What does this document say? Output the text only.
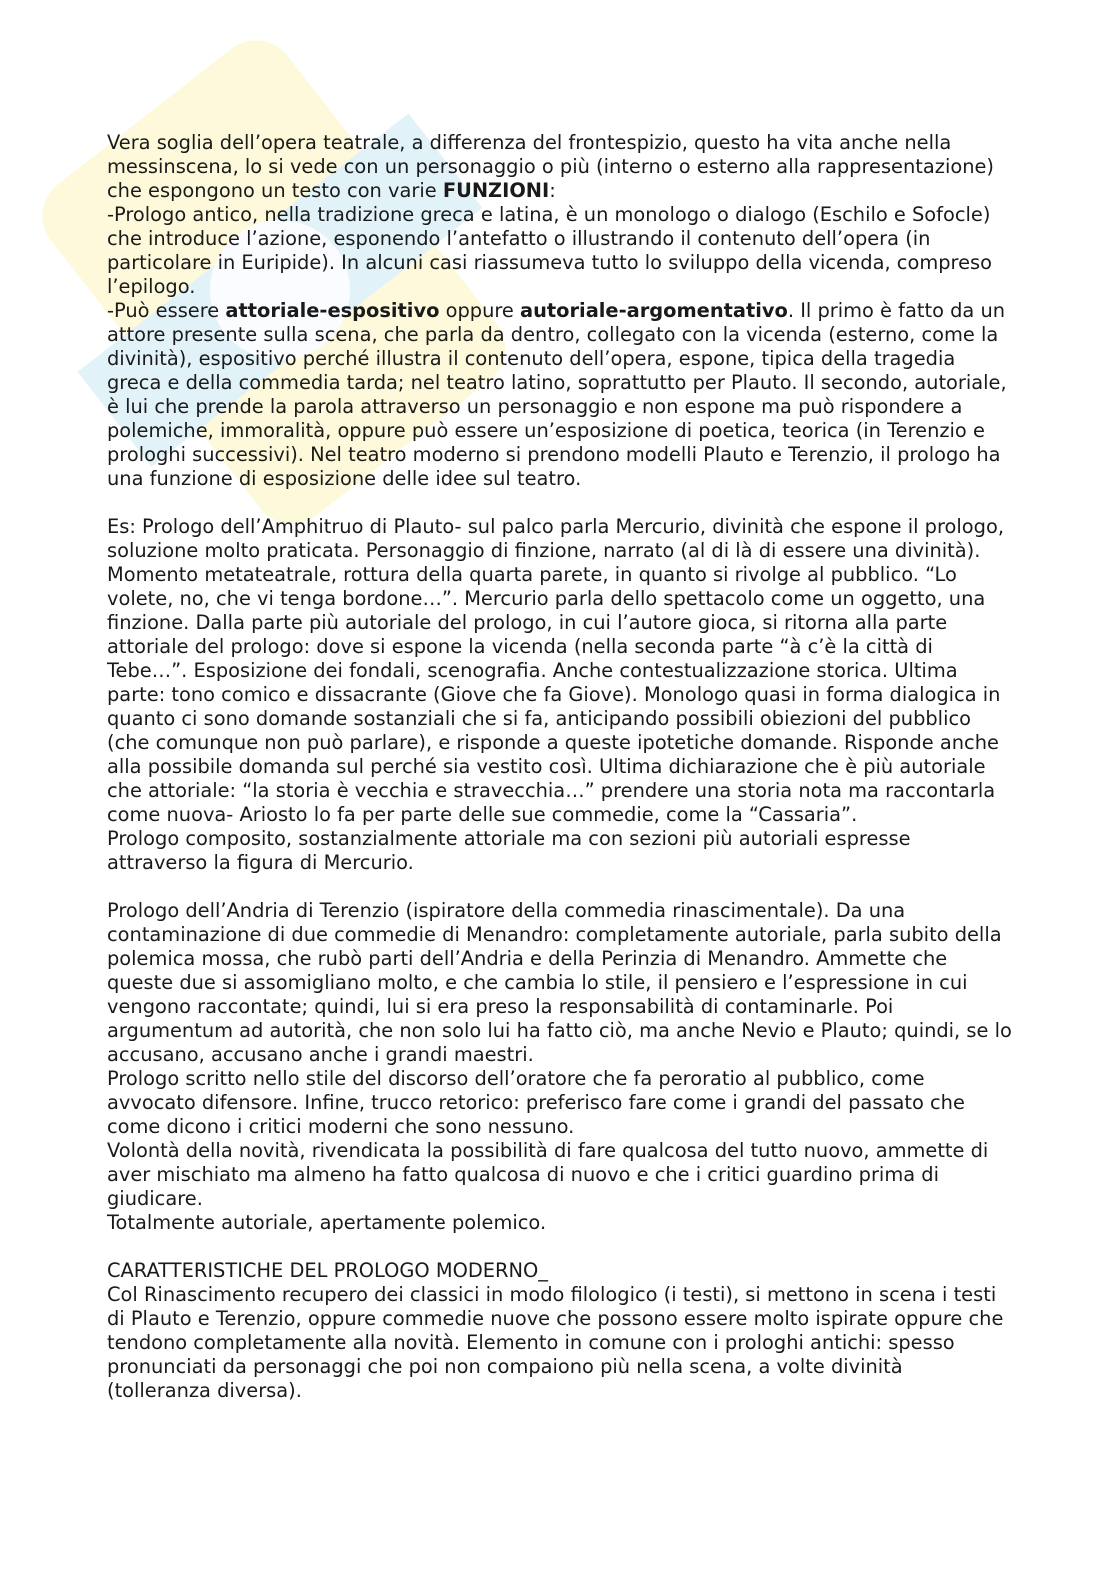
Vera soglia dell’opera teatrale, a differenza del frontespizio, questo ha vita anche nella messinscena, lo si vede con un personaggio o più (interno o esterno alla rappresentazione) che espongono un testo con varie FUNZIONI:

-Prologo antico, nella tradizione greca e latina, è un monologo o dialogo (Eschilo e Sofocle) che introduce l’azione, esponendo l’antefatto o illustrando il contenuto dell’opera (in particolare in Euripide). In alcuni casi riassumeva tutto lo sviluppo della vicenda, compreso l’epilogo.

-Può essere attoriale-espositivo oppure autoriale-argomentativo. Il primo è fatto da un attore presente sulla scena, che parla da dentro, collegato con la vicenda (esterno, come la divinità), espositivo perché illustra il contenuto dell’opera, espone, tipica della tragedia greca e della commedia tarda; nel teatro latino, soprattutto per Plauto. Il secondo, autoriale, è lui che prende la parola attraverso un personaggio e non espone ma può rispondere a polemiche, immoralità, oppure può essere un’esposizione di poetica, teorica (in Terenzio e prologhi successivi). Nel teatro moderno si prendono modelli Plauto e Terenzio, il prologo ha una funzione di esposizione delle idee sul teatro.

Es: Prologo dell’Amphitruo di Plauto- sul palco parla Mercurio, divinità che espone il prologo, soluzione molto praticata. Personaggio di finzione, narrato (al di là di essere una divinità). Momento metateatrale, rottura della quarta parete, in quanto si rivolge al pubblico. “Lo volete, no, che vi tenga bordone…”. Mercurio parla dello spettacolo come un oggetto, una finzione. Dalla parte più autoriale del prologo, in cui l’autore gioca, si ritorna alla parte attoriale del prologo: dove si espone la vicenda (nella seconda parte “à c’è la città di Tebe…”. Esposizione dei fondali, scenografia. Anche contestualizzazione storica. Ultima parte: tono comico e dissacrante (Giove che fa Giove). Monologo quasi in forma dialogica in quanto ci sono domande sostanziali che si fa, anticipando possibili obiezioni del pubblico (che comunque non può parlare), e risponde a queste ipotetiche domande. Risponde anche alla possibile domanda sul perché sia vestito così. Ultima dichiarazione che è più autoriale che attoriale: “la storia è vecchia e stravecchia…” prendere una storia nota ma raccontarla come nuova- Ariosto lo fa per parte delle sue commedie, come la “Cassaria”.

Prologo composito, sostanzialmente attoriale ma con sezioni più autoriali espresse attraverso la figura di Mercurio.

Prologo dell’Andria di Terenzio (ispiratore della commedia rinascimentale). Da una contaminazione di due commedie di Menandro: completamente autoriale, parla subito della polemica mossa, che rubò parti dell’Andria e della Perinzia di Menandro. Ammette che queste due si assomigliano molto, e che cambia lo stile, il pensiero e l’espressione in cui vengono raccontate; quindi, lui si era preso la responsabilità di contaminarle. Poi argumentum ad autorità, che non solo lui ha fatto ciò, ma anche Nevio e Plauto; quindi, se lo accusano, accusano anche i grandi maestri.

Prologo scritto nello stile del discorso dell’oratore che fa peroratio al pubblico, come avvocato difensore. Infine, trucco retorico: preferisco fare come i grandi del passato che come dicono i critici moderni che sono nessuno.

Volontà della novità, rivendicata la possibilità di fare qualcosa del tutto nuovo, ammette di aver mischiato ma almeno ha fatto qualcosa di nuovo e che i critici guardino prima di giudicare.

Totalmente autoriale, apertamente polemico.

CARATTERISTICHE DEL PROLOGO MODERNO_

Col Rinascimento recupero dei classici in modo filologico (i testi), si mettono in scena i testi di Plauto e Terenzio, oppure commedie nuove che possono essere molto ispirate oppure che tendono completamente alla novità. Elemento in comune con i prologhi antichi: spesso pronunciati da personaggi che poi non compaiono più nella scena, a volte divinità (tolleranza diversa).
